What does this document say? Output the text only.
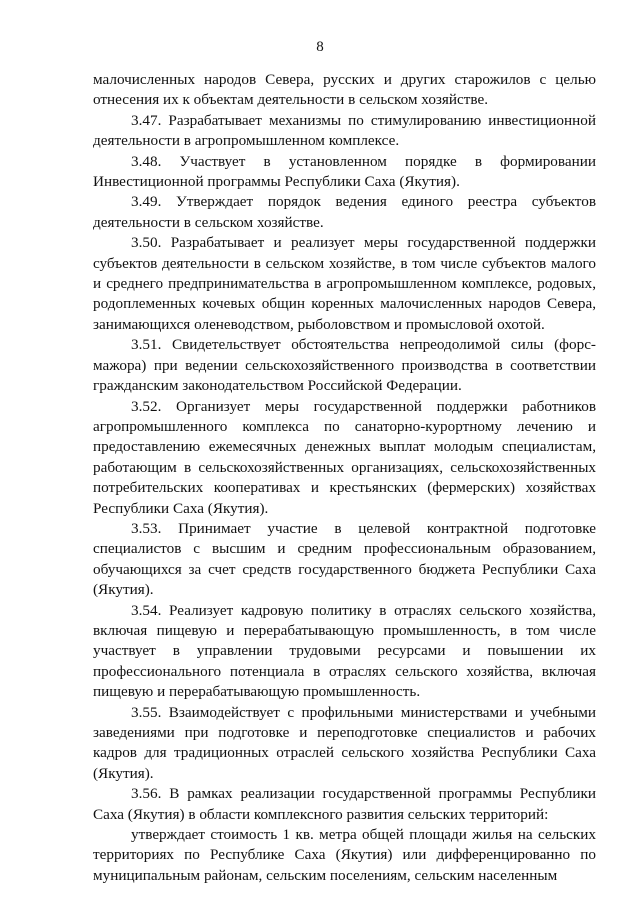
8

малочисленных народов Севера, русских и других старожилов с целью отнесения их к объектам деятельности в сельском хозяйстве.

3.47. Разрабатывает механизмы по стимулированию инвестиционной деятельности в агропромышленном комплексе.

3.48. Участвует в установленном порядке в формировании Инвестиционной программы Республики Саха (Якутия).

3.49. Утверждает порядок ведения единого реестра субъектов деятельности в сельском хозяйстве.

3.50. Разрабатывает и реализует меры государственной поддержки субъектов деятельности в сельском хозяйстве, в том числе субъектов малого и среднего предпринимательства в агропромышленном комплексе, родовых, родоплеменных кочевых общин коренных малочисленных народов Севера, занимающихся оленеводством, рыболовством и промысловой охотой.

3.51. Свидетельствует обстоятельства непреодолимой силы (форс-мажора) при ведении сельскохозяйственного производства в соответствии гражданским законодательством Российской Федерации.

3.52. Организует меры государственной поддержки работников агропромышленного комплекса по санаторно-курортному лечению и предоставлению ежемесячных денежных выплат молодым специалистам, работающим в сельскохозяйственных организациях, сельскохозяйственных потребительских кооперативах и крестьянских (фермерских) хозяйствах Республики Саха (Якутия).

3.53. Принимает участие в целевой контрактной подготовке специалистов с высшим и средним профессиональным образованием, обучающихся за счет средств государственного бюджета Республики Саха (Якутия).

3.54. Реализует кадровую политику в отраслях сельского хозяйства, включая пищевую и перерабатывающую промышленность, в том числе участвует в управлении трудовыми ресурсами и повышении их профессионального потенциала в отраслях сельского хозяйства, включая пищевую и перерабатывающую промышленность.

3.55. Взаимодействует с профильными министерствами и учебными заведениями при подготовке и переподготовке специалистов и рабочих кадров для традиционных отраслей сельского хозяйства Республики Саха (Якутия).

3.56. В рамках реализации государственной программы Республики Саха (Якутия) в области комплексного развития сельских территорий:

утверждает стоимость 1 кв. метра общей площади жилья на сельских территориях по Республике Саха (Якутия) или дифференцированно по муниципальным районам, сельским поселениям, сельским населенным
